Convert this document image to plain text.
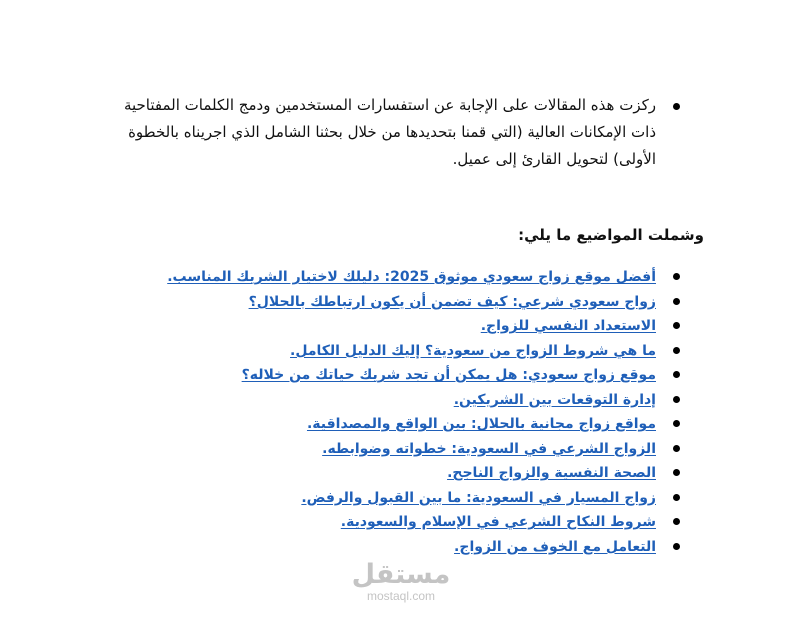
ركزت هذه المقالات على الإجابة عن استفسارات المستخدمين ودمج الكلمات المفتاحية ذات الإمكانات العالية (التي قمنا بتحديدها من خلال بحثنا الشامل الذي اجريناه بالخطوة الأولى) لتحويل القارئ إلى عميل.

وشملت المواضيع ما يلي:

أفضل موقع زواج سعودي موثوق 2025: دليلك لاختيار الشريك المناسب.
زواج سعودي شرعي: كيف تضمن أن يكون ارتباطك بالحلال؟
الاستعداد النفسي للزواج.
ما هي شروط الزواج من سعودية؟ إليك الدليل الكامل.
موقع زواج سعودي: هل يمكن أن تجد شريك حياتك من خلاله؟
إدارة التوقعات بين الشريكين.
مواقع زواج مجانية بالحلال: بين الواقع والمصداقية.
الزواج الشرعي في السعودية: خطواته وضوابطه.
الصحة النفسية والزواج الناجح.
زواج المسيار في السعودية: ما بين القبول والرفض.
شروط النكاح الشرعي في الإسلام والسعودية.
التعامل مع الخوف من الزواج.
مستقل
mostaql.com
